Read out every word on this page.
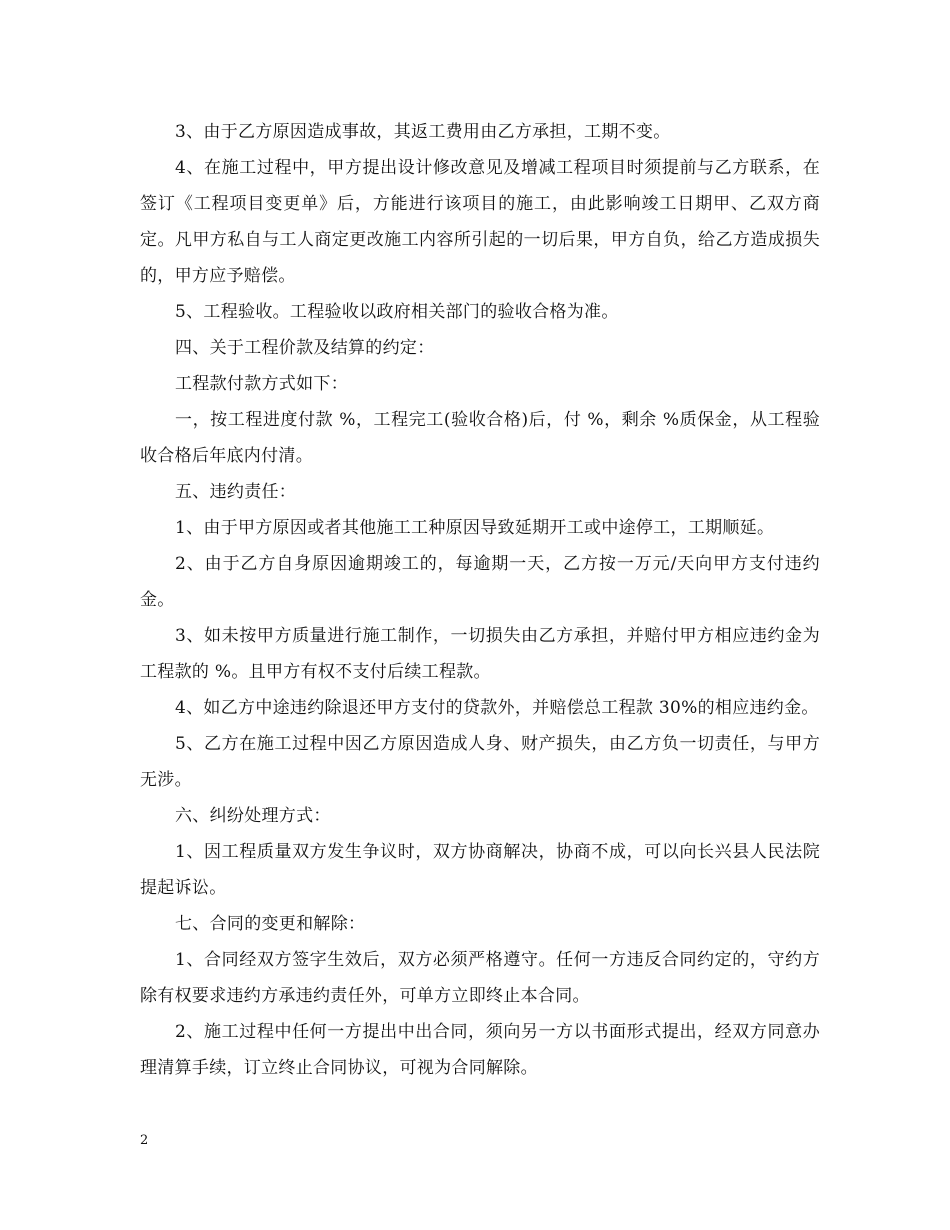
3、由于乙方原因造成事故，其返工费用由乙方承担，工期不变。

4、在施工过程中，甲方提出设计修改意见及增减工程项目时须提前与乙方联系，在签订《工程项目变更单》后，方能进行该项目的施工，由此影响竣工日期甲、乙双方商定。凡甲方私自与工人商定更改施工内容所引起的一切后果，甲方自负，给乙方造成损失的，甲方应予赔偿。

5、工程验收。工程验收以政府相关部门的验收合格为准。

四、关于工程价款及结算的约定：

工程款付款方式如下：

一，按工程进度付款 %，工程完工(验收合格)后，付 %，剩余 %质保金，从工程验收合格后年底内付清。

五、违约责任：

1、由于甲方原因或者其他施工工种原因导致延期开工或中途停工，工期顺延。

2、由于乙方自身原因逾期竣工的，每逾期一天，乙方按一万元/天向甲方支付违约金。

3、如未按甲方质量进行施工制作，一切损失由乙方承担，并赔付甲方相应违约金为工程款的 %。且甲方有权不支付后续工程款。

4、如乙方中途违约除退还甲方支付的贷款外，并赔偿总工程款 30%的相应违约金。

5、乙方在施工过程中因乙方原因造成人身、财产损失，由乙方负一切责任，与甲方无涉。

六、纠纷处理方式：

1、因工程质量双方发生争议时，双方协商解决，协商不成，可以向长兴县人民法院提起诉讼。

七、合同的变更和解除：

1、合同经双方签字生效后，双方必须严格遵守。任何一方违反合同约定的，守约方除有权要求违约方承违约责任外，可单方立即终止本合同。

2、施工过程中任何一方提出中出合同，须向另一方以书面形式提出，经双方同意办理清算手续，订立终止合同协议，可视为合同解除。

2
